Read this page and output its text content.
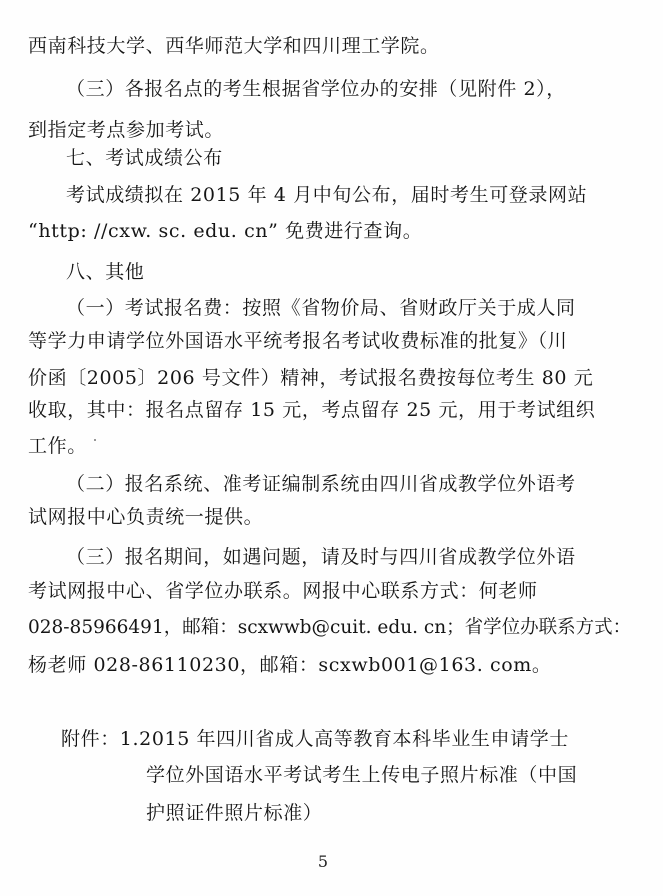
西南科技大学、西华师范大学和四川理工学院。
（三）各报名点的考生根据省学位办的安排（见附件 2），
到指定考点参加考试。
七、考试成绩公布
考试成绩拟在 2015 年 4 月中旬公布，届时考生可登录网站
“http: //cxw. sc. edu. cn” 免费进行查询。
八、其他
（一）考试报名费：按照《省物价局、省财政厅关于成人同
等学力申请学位外国语水平统考报名考试收费标准的批复》（川
价函〔2005〕206 号文件）精神，考试报名费按每位考生 80 元
收取，其中：报名点留存 15 元，考点留存 25 元，用于考试组织
工作。
（二）报名系统、准考证编制系统由四川省成教学位外语考
试网报中心负责统一提供。
（三）报名期间，如遇问题，请及时与四川省成教学位外语
考试网报中心、省学位办联系。网报中心联系方式：何老师
028-85966491，邮箱：scxwwb@cuit. edu. cn；省学位办联系方式：
杨老师 028-86110230，邮箱：scxwb001@163. com。
附件：1.2015 年四川省成人高等教育本科毕业生申请学士
学位外国语水平考试考生上传电子照片标准（中国
护照证件照片标准）
5
